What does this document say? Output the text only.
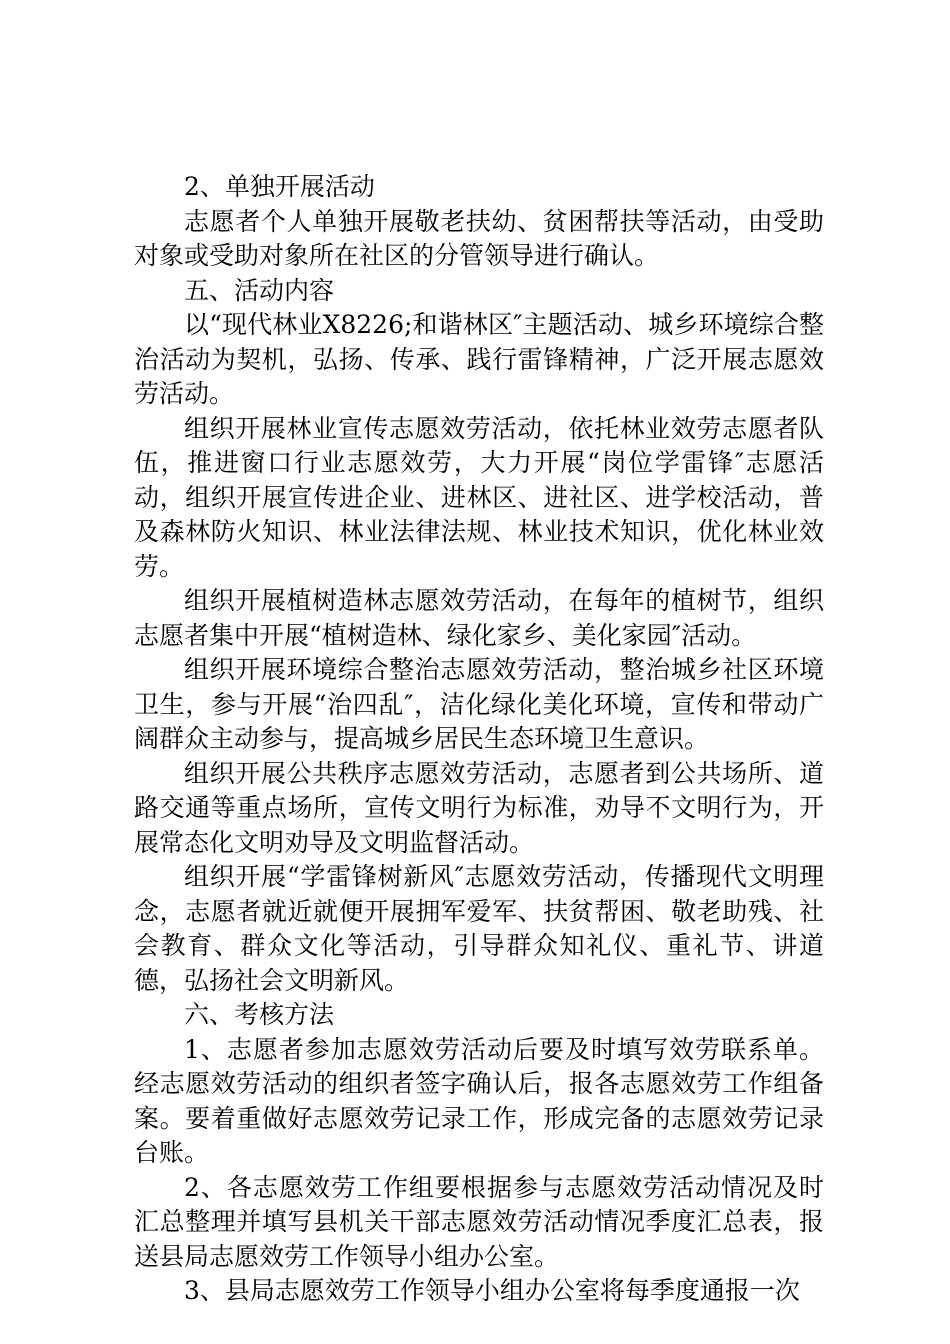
2、单独开展活动

志愿者个人单独开展敬老扶幼、贫困帮扶等活动，由受助对象或受助对象所在社区的分管领导进行确认。

五、活动内容

以“现代林业X8226;和谐林区″主题活动、城乡环境综合整治活动为契机，弘扬、传承、践行雷锋精神，广泛开展志愿效劳活动。

组织开展林业宣传志愿效劳活动，依托林业效劳志愿者队伍，推进窗口行业志愿效劳，大力开展“岗位学雷锋″志愿活动，组织开展宣传进企业、进林区、进社区、进学校活动，普及森林防火知识、林业法律法规、林业技术知识，优化林业效劳。

组织开展植树造林志愿效劳活动，在每年的植树节，组织志愿者集中开展“植树造林、绿化家乡、美化家园″活动。

组织开展环境综合整治志愿效劳活动，整治城乡社区环境卫生，参与开展“治四乱″，洁化绿化美化环境，宣传和带动广阔群众主动参与，提高城乡居民生态环境卫生意识。

组织开展公共秩序志愿效劳活动，志愿者到公共场所、道路交通等重点场所，宣传文明行为标准，劝导不文明行为，开展常态化文明劝导及文明监督活动。

组织开展“学雷锋树新风″志愿效劳活动，传播现代文明理念，志愿者就近就便开展拥军爱军、扶贫帮困、敬老助残、社会教育、群众文化等活动，引导群众知礼仪、重礼节、讲道德，弘扬社会文明新风。

六、考核方法

1、志愿者参加志愿效劳活动后要及时填写效劳联系单。经志愿效劳活动的组织者签字确认后，报各志愿效劳工作组备案。要着重做好志愿效劳记录工作，形成完备的志愿效劳记录台账。

2、各志愿效劳工作组要根据参与志愿效劳活动情况及时汇总整理并填写县机关干部志愿效劳活动情况季度汇总表，报送县局志愿效劳工作领导小组办公室。

3、县局志愿效劳工作领导小组办公室将每季度通报一次
